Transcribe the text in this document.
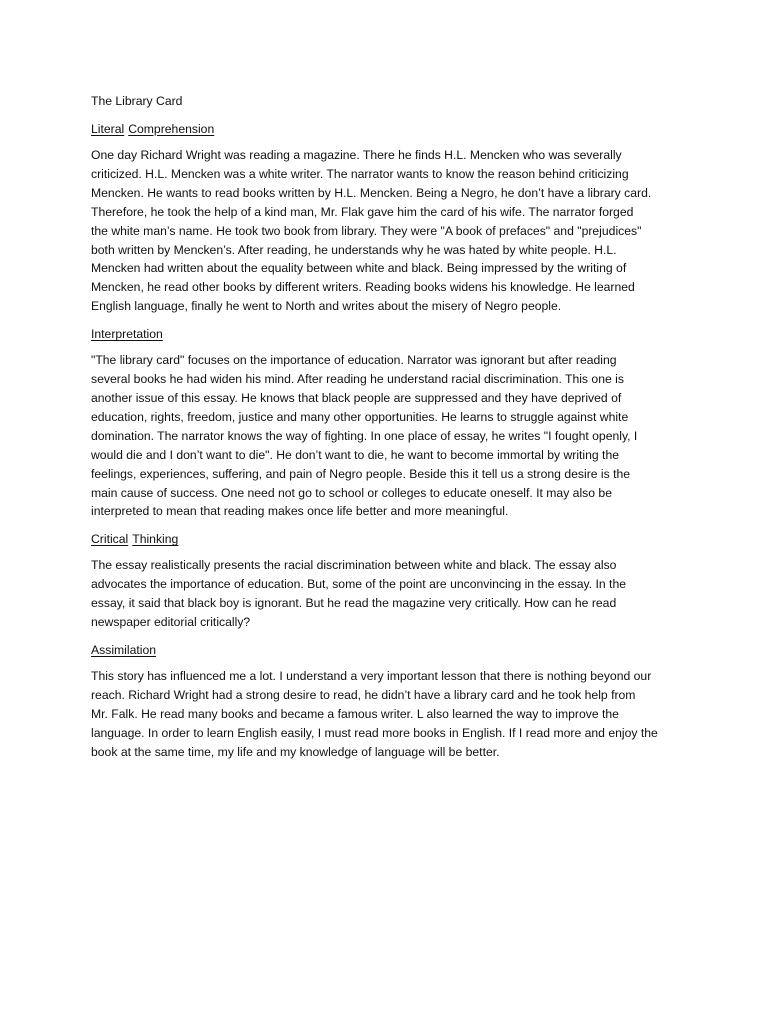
The Library Card
Literal Comprehension
One day Richard Wright was reading a magazine. There he finds H.L. Mencken who was severally
criticized. H.L. Mencken was a white writer. The narrator wants to know the reason behind criticizing
Mencken. He wants to read books written by H.L. Mencken. Being a Negro, he don’t have a library card.
Therefore, he took the help of a kind man, Mr. Flak gave him the card of his wife. The narrator forged
the white man’s name. He took two book from library. They were "A book of prefaces" and "prejudices"
both written by Mencken’s. After reading, he understands why he was hated by white people. H.L.
Mencken had written about the equality between white and black. Being impressed by the writing of
Mencken, he read other books by different writers. Reading books widens his knowledge. He learned
English language, finally he went to North and writes about the misery of Negro people.
Interpretation
"The library card" focuses on the importance of education. Narrator was ignorant but after reading
several books he had widen his mind. After reading he understand racial discrimination. This one is
another issue of this essay. He knows that black people are suppressed and they have deprived of
education, rights, freedom, justice and many other opportunities. He learns to struggle against white
domination. The narrator knows the way of fighting. In one place of essay, he writes "I fought openly, I
would die and I don’t want to die". He don’t want to die, he want to become immortal by writing the
feelings, experiences, suffering, and pain of Negro people. Beside this it tell us a strong desire is the
main cause of success. One need not go to school or colleges to educate oneself. It may also be
interpreted to mean that reading makes once life better and more meaningful.
Critical Thinking
The essay realistically presents the racial discrimination between white and black. The essay also
advocates the importance of education. But, some of the point are unconvincing in the essay. In the
essay, it said that black boy is ignorant. But he read the magazine very critically. How can he read
newspaper editorial critically?
Assimilation
This story has influenced me a lot. I understand a very important lesson that there is nothing beyond our
reach. Richard Wright had a strong desire to read, he didn’t have a library card and he took help from
Mr. Falk. He read many books and became a famous writer. L also learned the way to improve the
language. In order to learn English easily, I must read more books in English. If I read more and enjoy the
book at the same time, my life and my knowledge of language will be better.
